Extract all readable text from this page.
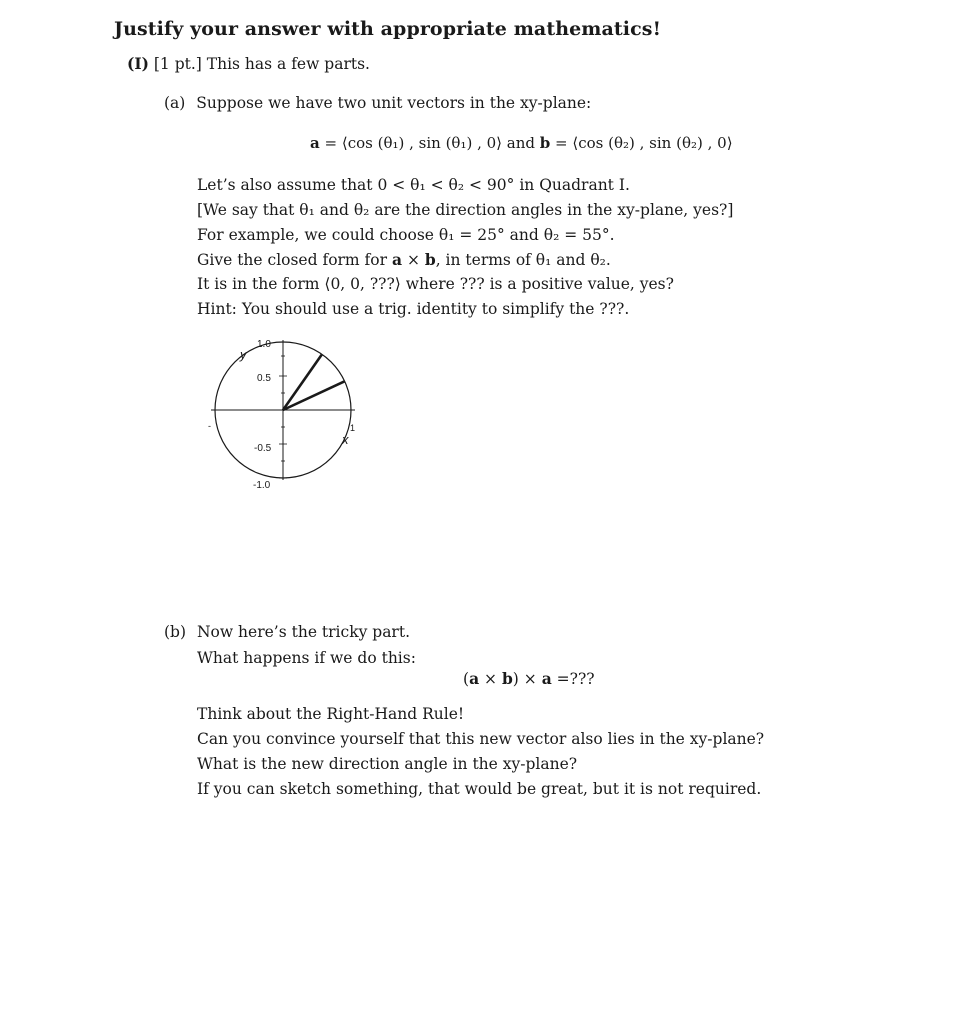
Justify your answer with appropriate mathematics!
(I) [1 pt.] This has a few parts.
(a) Suppose we have two unit vectors in the xy-plane:
a = ⟨cos (θ₁) , sin (θ₁) , 0⟩ and b = ⟨cos (θ₂) , sin (θ₂) , 0⟩
Let’s also assume that 0 < θ₁ < θ₂ < 90° in Quadrant I.
[We say that θ₁ and θ₂ are the direction angles in the xy-plane, yes?]
For example, we could choose θ₁ = 25° and θ₂ = 55°.
Give the closed form for a × b, in terms of θ₁ and θ₂.
It is in the form ⟨0, 0, ???⟩ where ??? is a positive value, yes?
Hint: You should use a trig. identity to simplify the ???.
1.0
0.5
-0.5
-1.0
y
x
1
-
(b) Now here’s the tricky part.
What happens if we do this:
(a × b) × a =???
Think about the Right-Hand Rule!
Can you convince yourself that this new vector also lies in the xy-plane?
What is the new direction angle in the xy-plane?
If you can sketch something, that would be great, but it is not required.
